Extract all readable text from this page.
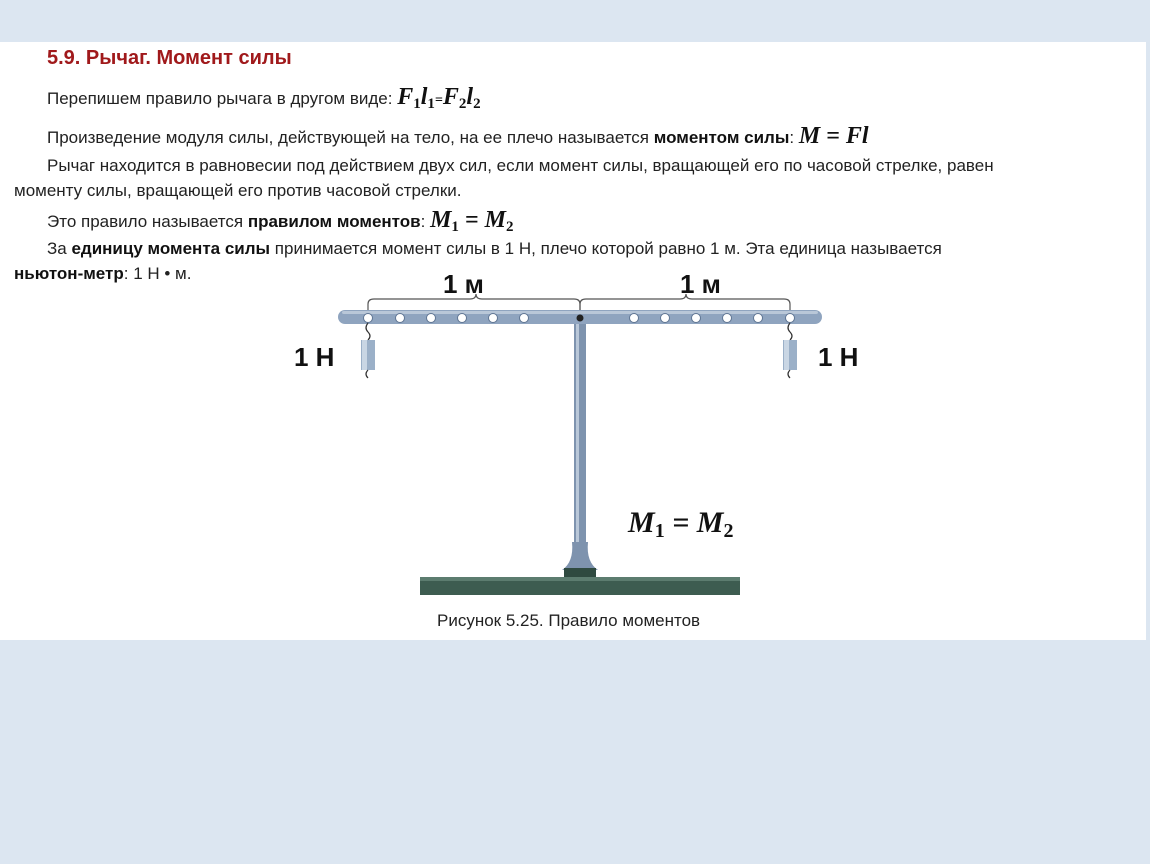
5.9. Рычаг. Момент силы
Перепишем правило рычага в другом виде: $F_1l_1=F_2l_2$
Произведение модуля силы, действующей на тело, на ее плечо называется моментом силы: M = Fl
Рычаг находится в равновесии под действием двух сил, если момент силы, вращающей его по часовой стрелке, равен
моменту силы, вращающей его против часовой стрелки.
Это правило называется правилом моментов: $M_1 = M_2$
За единицу момента силы принимается момент силы в 1 Н, плечо которой равно 1 м. Эта единица называется
ньютон-метр: 1 Н • м.	1 м	1 м
1 Н	1 Н
M1 = M2
Рисунок 5.25. Правило моментов
